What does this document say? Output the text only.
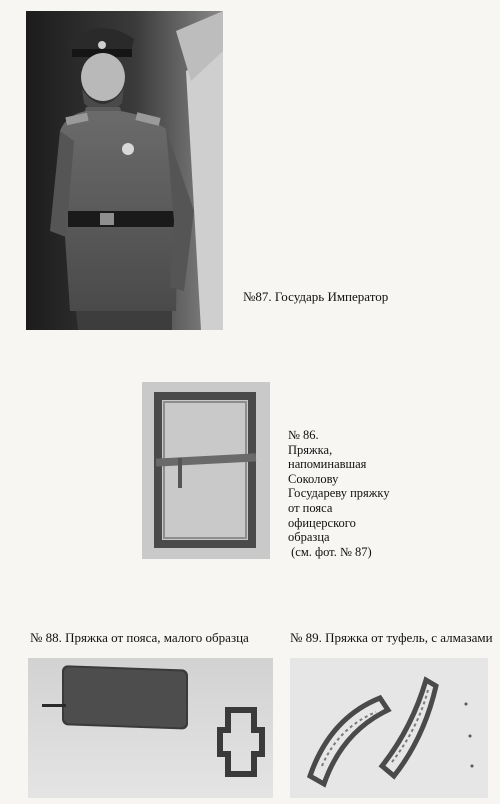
№87. Государь Император
№ 86.
Пряжка,
напоминавшая
Соколову
Государеву пряжку
от пояса
офицерского
образца
(см. фот. № 87)
№ 88. Пряжка от пояса, малого образца	№ 89. Пряжка от туфель, с алмазами
